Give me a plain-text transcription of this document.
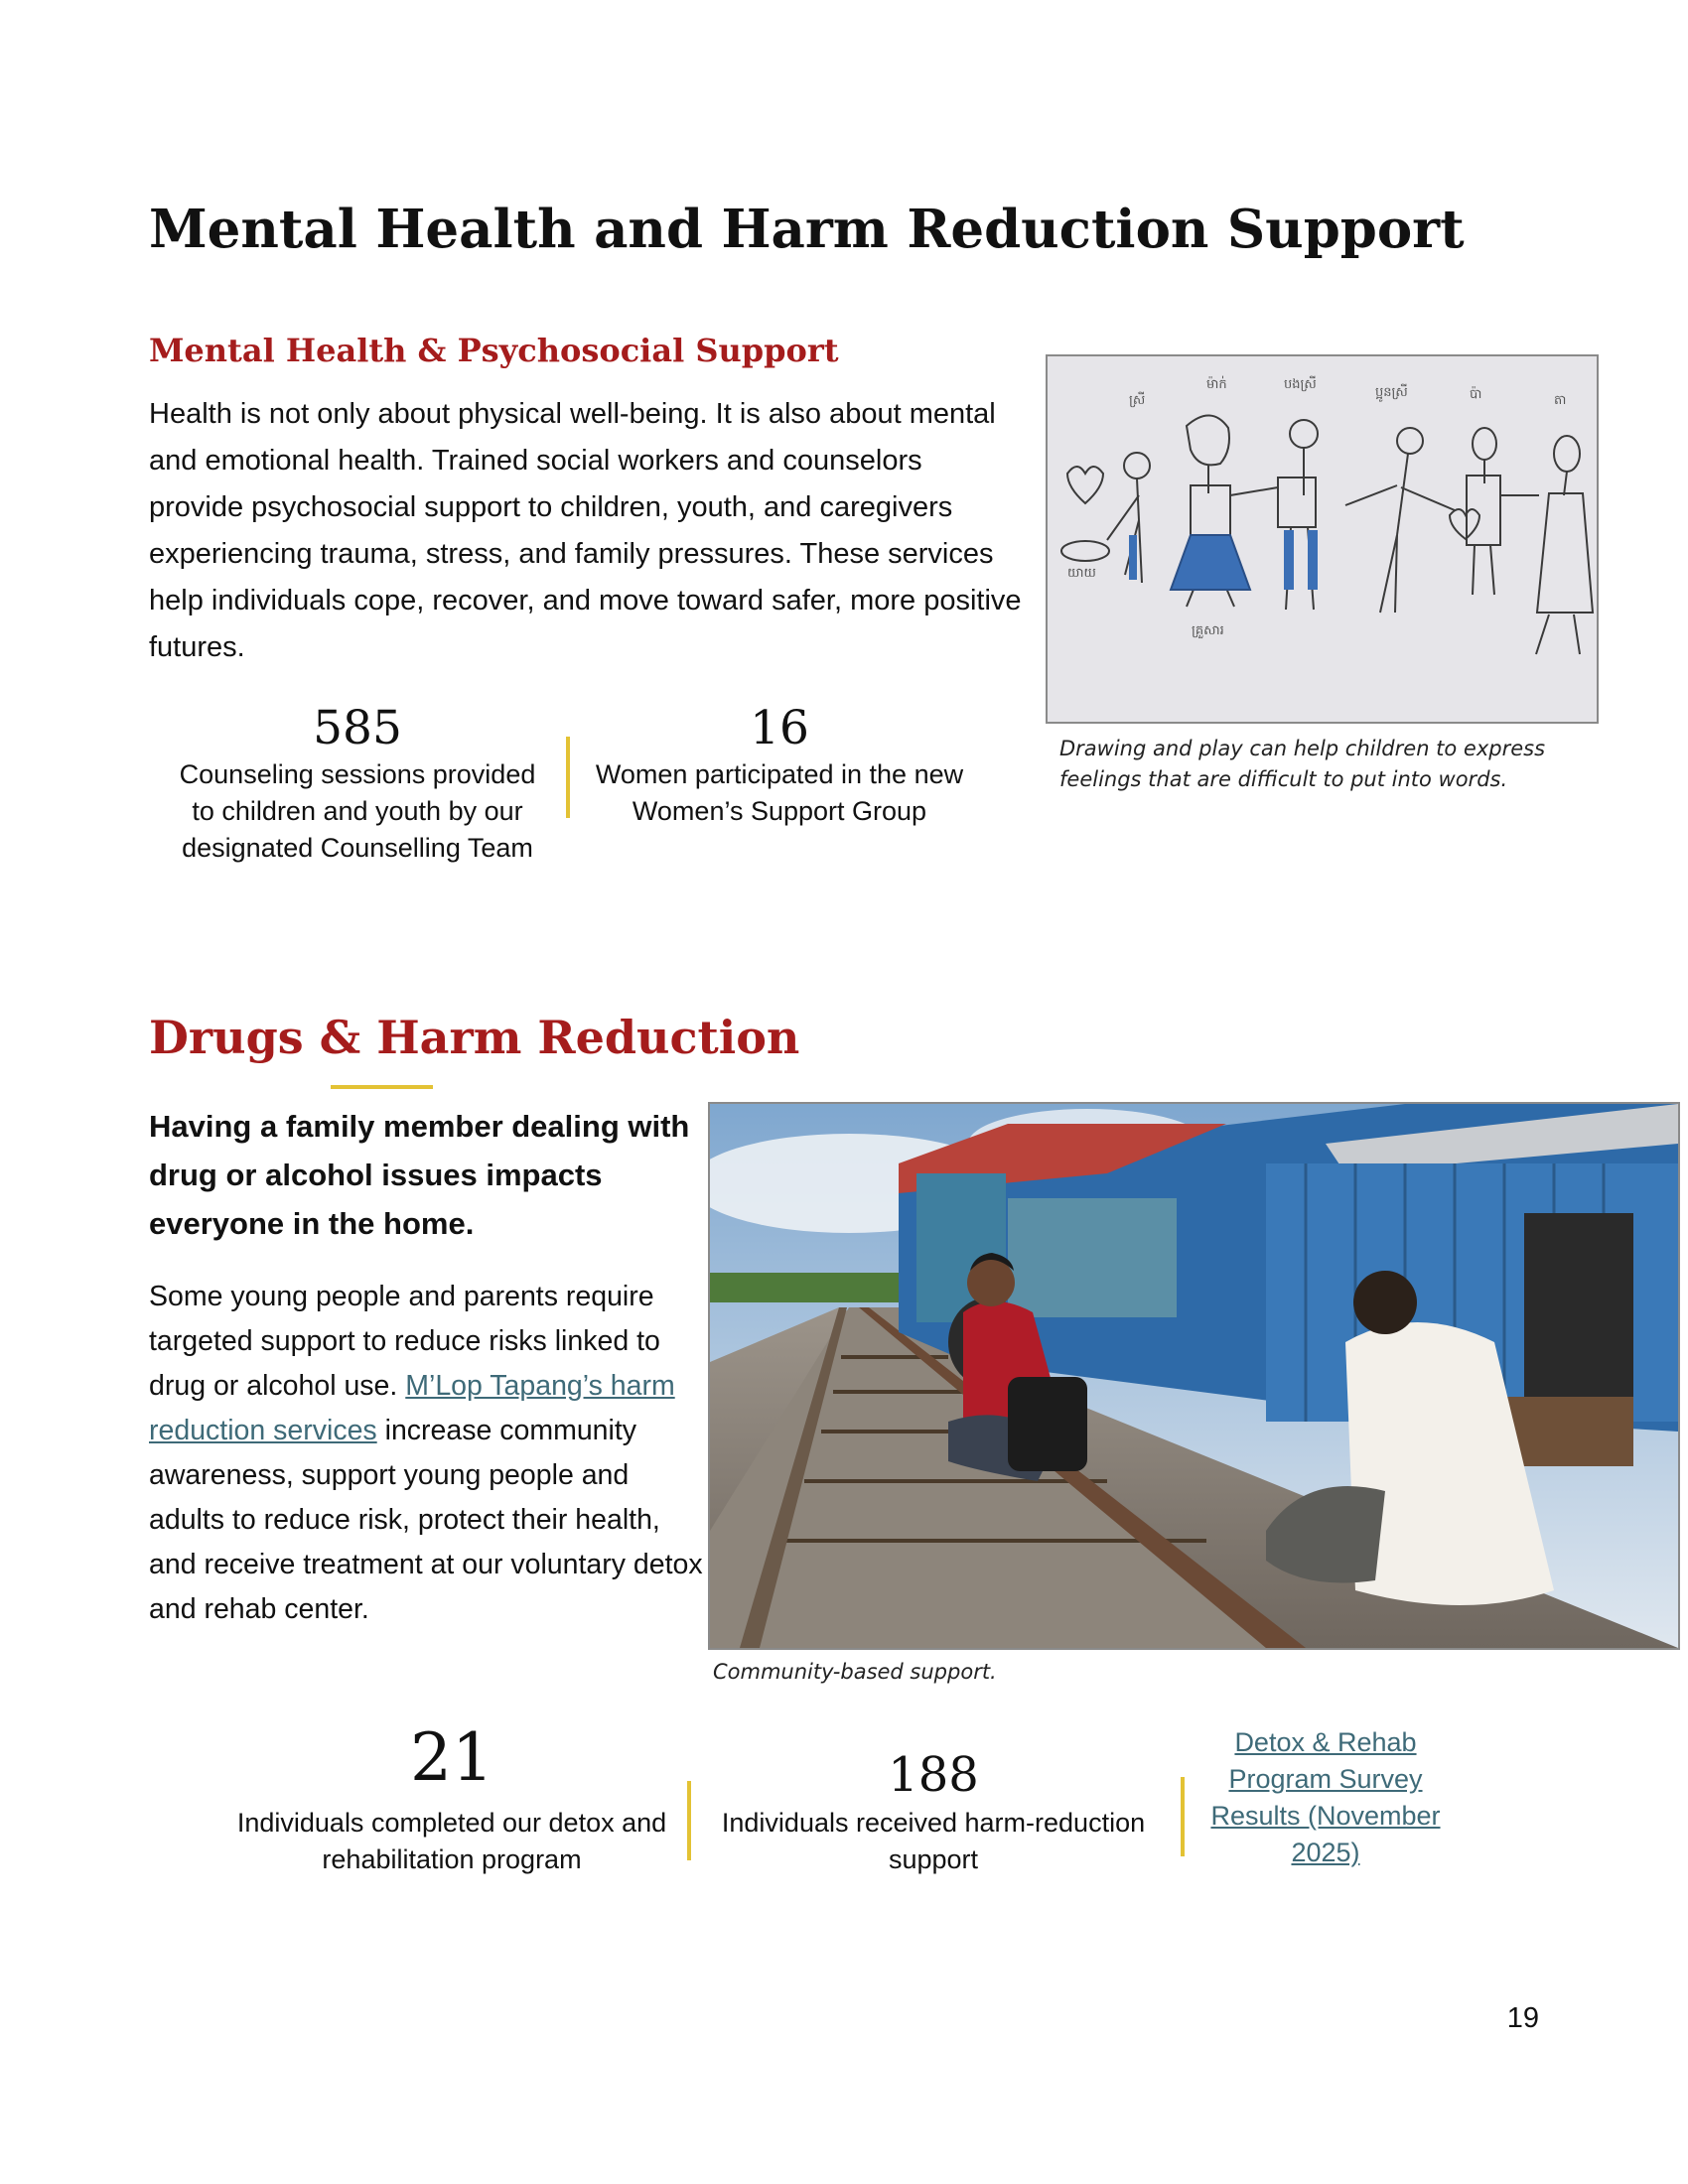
Mental Health and Harm Reduction Support
Mental Health & Psychosocial Support

Health is not only about physical well-being. It is also about mental and emotional health. Trained social workers and counselors provide psychosocial support to children, youth, and caregivers experiencing trauma, stress, and family pressures. These services help individuals cope, recover, and move toward safer, more positive futures.

585
Counseling sessions provided to children and youth by our designated Counselling Team
16
Women participated in the new Women’s Support Group
ស្រី
ម៉ាក់	បងស្រី
ប្អូនស្រី	ប៉ា	តា
យាយ
គ្រួសារ
Drawing and play can help children to express feelings that are difficult to put into words.
Drugs & Harm Reduction

Having a family member dealing with drug or alcohol issues impacts everyone in the home.

Some young people and parents require targeted support to reduce risks linked to drug or alcohol use. M’Lop Tapang’s harm reduction services increase community awareness, support young people and adults to reduce risk, protect their health, and receive treatment at our voluntary detox and rehab center.

Community-based support.
21
Individuals completed our detox and rehabilitation program
188
Individuals received harm-reduction support
Detox & Rehab Program Survey Results (November 2025)
19
